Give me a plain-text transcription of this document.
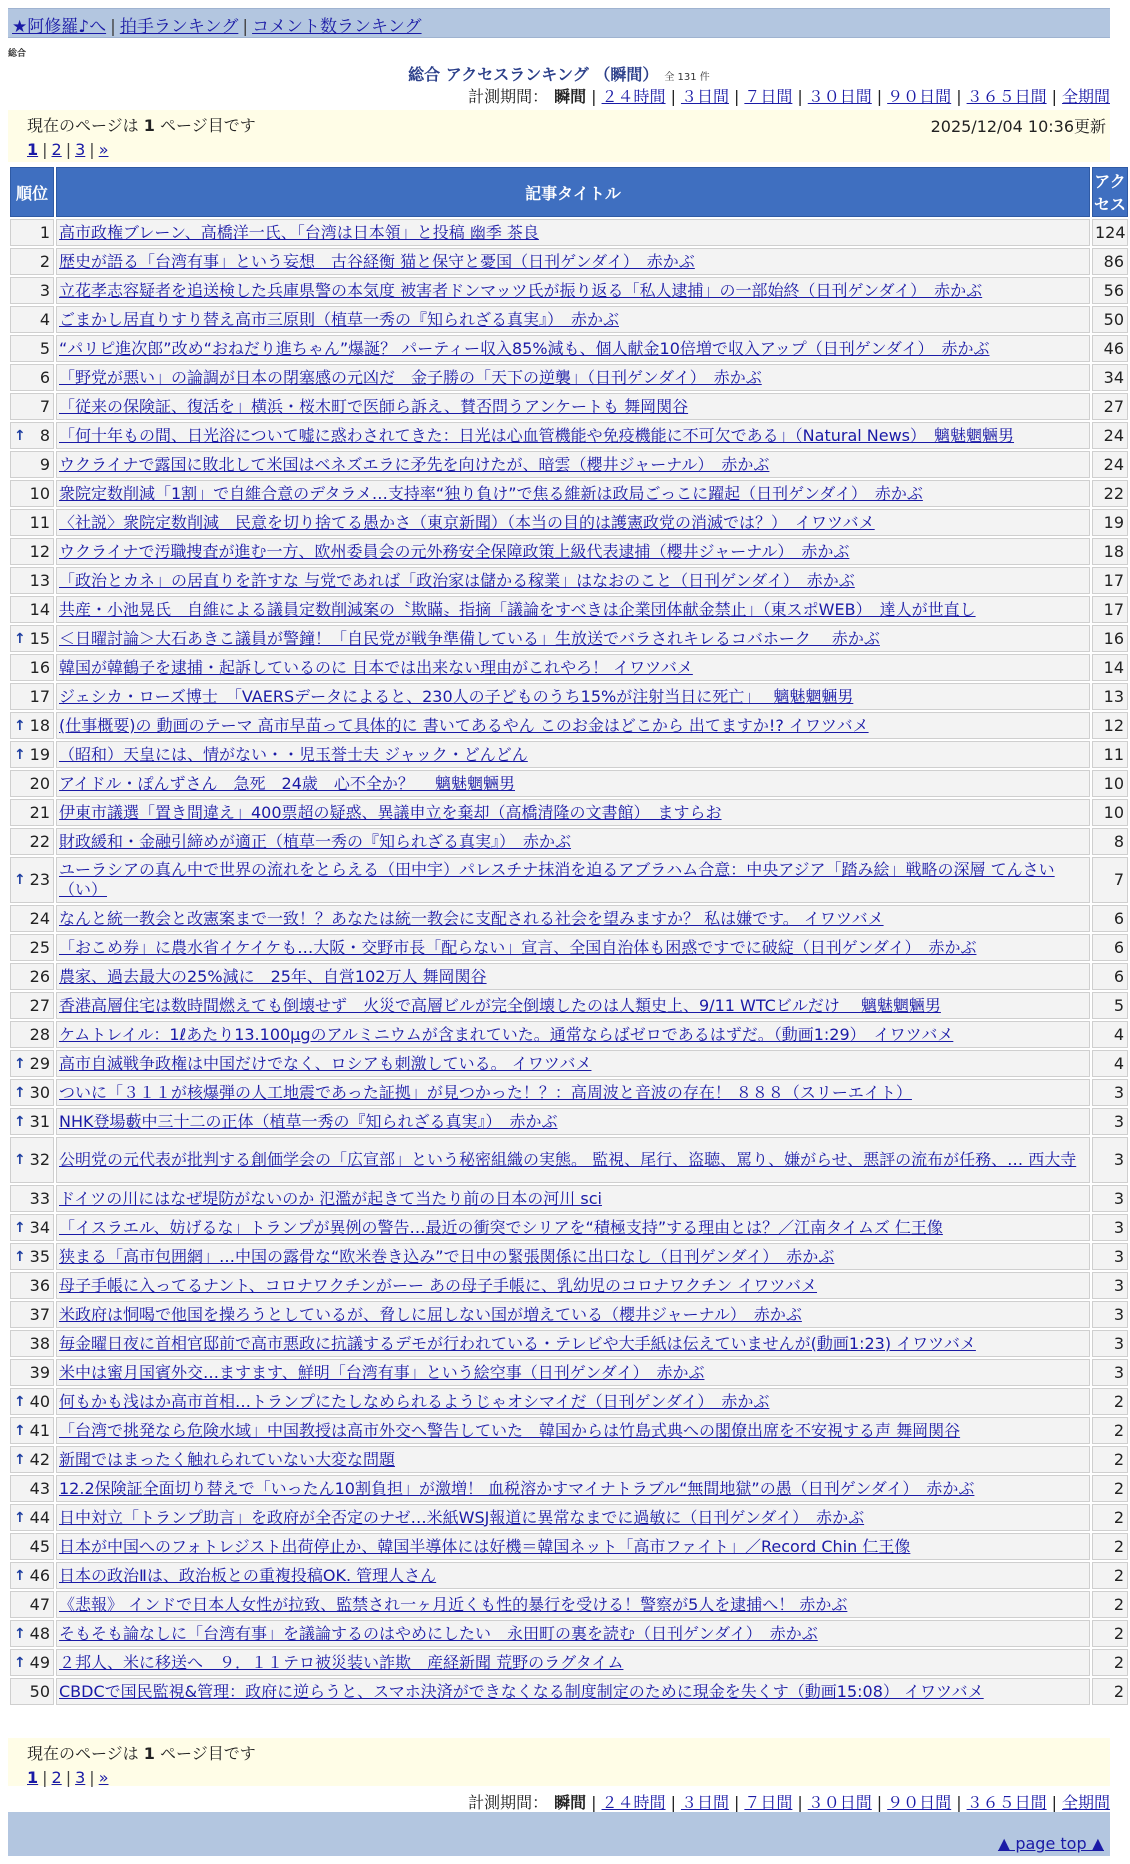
★阿修羅♪へ | 拍手ランキング | コメント数ランキング
総合
総合 アクセスランキング （瞬間） 全 131 件
計測期間： 瞬間 | ２４時間 | ３日間 | ７日間 | ３０日間 | ９０日間 | ３６５日間 | 全期間
現在のページは 1 ページ目です	2025/12/04 10:36更新
1 | 2 | 3 | »
順位	記事タイトル	アクセス
1	高市政権ブレーン、高橋洋一氏、「台湾は日本領」と投稿 幽季 茶良	124
2	歴史が語る「台湾有事」という妄想　古谷経衡 猫と保守と憂国（日刊ゲンダイ）　赤かぶ	86
3	立花孝志容疑者を追送検した兵庫県警の本気度 被害者ドンマッツ氏が振り返る「私人逮捕」の一部始終（日刊ゲンダイ）　赤かぶ	56
4	ごまかし居直りすり替え高市三原則（植草一秀の『知られざる真実』）　赤かぶ	50
5	“パリピ進次郎”改め“おねだり進ちゃん”爆誕？ パーティー収入85%減も、個人献金10倍増で収入アップ（日刊ゲンダイ）　赤かぶ	46
6	「野党が悪い」の論調が日本の閉塞感の元凶だ　金子勝の「天下の逆襲」（日刊ゲンダイ）　赤かぶ	34
7	「従来の保険証、復活を」横浜・桜木町で医師ら訴え、賛否問うアンケートも 舞岡関谷	27

↑ 8	「何十年もの間、日光浴について嘘に惑わされてきた：日光は心血管機能や免疫機能に不可欠である」（Natural News）　魑魅魍魎男	24
9	ウクライナで露国に敗北して米国はベネズエラに矛先を向けたが、暗雲（櫻井ジャーナル）　赤かぶ	24
10	衆院定数削減「1割」で自維合意のデタラメ…支持率“独り負け”で焦る維新は政局ごっこに躍起（日刊ゲンダイ）　赤かぶ	22
11	〈社説〉衆院定数削減　民意を切り捨てる愚かさ（東京新聞）（本当の目的は護憲政党の消滅では？）　イワツバメ	19
12	ウクライナで汚職捜査が進む一方、欧州委員会の元外務安全保障政策上級代表逮捕（櫻井ジャーナル）　赤かぶ	18
13	「政治とカネ」の居直りを許すな 与党であれば「政治家は儲かる稼業」はなおのこと（日刊ゲンダイ）　赤かぶ	17
14	共産・小池晃氏　自維による議員定数削減案の〝欺瞞〟指摘「議論をすべきは企業団体献金禁止」（東スポWEB）　達人が世直し	17

↑ 15	＜日曜討論＞大石あきこ議員が警鐘！「自民党が戦争準備している」生放送でバラされキレるコバホーク　 赤かぶ	16
16	韓国が韓鶴子を逮捕・起訴しているのに 日本では出来ない理由がこれやろ！ イワツバメ	14
17	ジェシカ・ローズ博士　「VAERSデータによると、230人の子どものうち15%が注射当日に死亡」　 魑魅魍魎男	13

↑ 18	(仕事概要)の 動画のテーマ 高市早苗って具体的に 書いてあるやん このお金はどこから 出てますか!? イワツバメ	12

↑ 19	（昭和）天皇には、情がない・・児玉誉士夫 ジャック・どんどん	11
20	アイドル・ぽんずさん　急死　24歳　心不全か？　 魑魅魍魎男	10
21	伊東市議選「置き間違え」400票超の疑惑、異議申立を棄却（高橋清隆の文書館）　ますらお	10
22	財政緩和・金融引締めが適正（植草一秀の『知られざる真実』）　赤かぶ	8

↑ 23	ユーラシアの真ん中で世界の流れをとらえる（田中宇）パレスチナ抹消を迫るアブラハム合意：中央アジア「踏み絵」戦略の深層 てんさい（い）	7
24	なんと統一教会と改憲案まで一致！？あなたは統一教会に支配される社会を望みますか？ 私は嫌です。 イワツバメ	6
25	「おこめ券」に農水省イケイケも…大阪・交野市長「配らない」宣言、全国自治体も困惑ですでに破綻（日刊ゲンダイ）　赤かぶ	6
26	農家、過去最大の25%減に　25年、自営102万人 舞岡関谷	6
27	香港高層住宅は数時間燃えても倒壊せず　火災で高層ビルが完全倒壊したのは人類史上、9/11 WTCビルだけ　 魑魅魍魎男	5
28	ケムトレイル：1ℓあたり13.100μgのアルミニウムが含まれていた。通常ならばゼロであるはずだ。（動画1:29）　イワツバメ	4

↑ 29	高市自滅戦争政権は中国だけでなく、ロシアも刺激している。 イワツバメ	4

↑ 30	ついに「３１１が核爆弾の人工地震であった証拠」が見つかった！？：高周波と音波の存在！ ８８８（スリーエイト）	3

↑ 31	NHK登場藪中三十二の正体（植草一秀の『知られざる真実』）　赤かぶ	3

↑ 32	公明党の元代表が批判する創価学会の「広宣部」という秘密組織の実態。 監視、尾行、盗聴、罵り、嫌がらせ、悪評の流布が任務、… 西大寺	3
33	ドイツの川にはなぜ堤防がないのか 氾濫が起きて当たり前の日本の河川 sci	3

↑ 34	「イスラエル、妨げるな」トランプが異例の警告…最近の衝突でシリアを“積極支持”する理由とは？／江南タイムズ 仁王像	3

↑ 35	狭まる「高市包囲網」…中国の露骨な“欧米巻き込み”で日中の緊張関係に出口なし（日刊ゲンダイ）　赤かぶ	3
36	母子手帳に入ってるナント、コロナワクチンがーー あの母子手帳に、乳幼児のコロナワクチン イワツバメ	3
37	米政府は恫喝で他国を操ろうとしているが、脅しに屈しない国が増えている（櫻井ジャーナル）　赤かぶ	3
38	毎金曜日夜に首相官邸前で高市悪政に抗議するデモが行われている・テレビや大手紙は伝えていませんが(動画1:23) イワツバメ	3
39	米中は蜜月国賓外交…ますます、鮮明「台湾有事」という絵空事（日刊ゲンダイ）　赤かぶ	3

↑ 40	何もかも浅はか高市首相…トランプにたしなめられるようじゃオシマイだ（日刊ゲンダイ）　赤かぶ	2

↑ 41	「台湾で挑発なら危険水域」中国教授は高市外交へ警告していた　韓国からは竹島式典への閣僚出席を不安視する声 舞岡関谷	2

↑ 42	新聞ではまったく触れられていない大変な問題	2
43	12.2保険証全面切り替えで「いったん10割負担」が激増！ 血税溶かすマイナトラブル“無間地獄”の愚（日刊ゲンダイ）　赤かぶ	2

↑ 44	日中対立「トランプ助言」を政府が全否定のナゼ…米紙WSJ報道に異常なまでに過敏に（日刊ゲンダイ）　赤かぶ	2
45	日本が中国へのフォトレジスト出荷停止か、韓国半導体には好機＝韓国ネット「高市ファイト」／Record Chin 仁王像	2

↑ 46	日本の政治Ⅱは、政治板との重複投稿OK. 管理人さん	2
47	《悲報》 インドで日本人女性が拉致、監禁され一ヶ月近くも性的暴行を受ける！警察が5人を逮捕へ！ 赤かぶ	2

↑ 48	そもそも論なしに「台湾有事」を議論するのはやめにしたい　永田町の裏を読む（日刊ゲンダイ）　赤かぶ	2

↑ 49	２邦人、米に移送へ　９．１１テロ被災装い詐欺　産経新聞 荒野のラグタイム	2
50	CBDCで国民監視&管理：政府に逆らうと、スマホ決済ができなくなる制度制定のために現金を失くす（動画15:08） イワツバメ	2
現在のページは 1 ページ目です
1 | 2 | 3 | »
計測期間： 瞬間 | ２４時間 | ３日間 | ７日間 | ３０日間 | ９０日間 | ３６５日間 | 全期間
▲ page top ▲
